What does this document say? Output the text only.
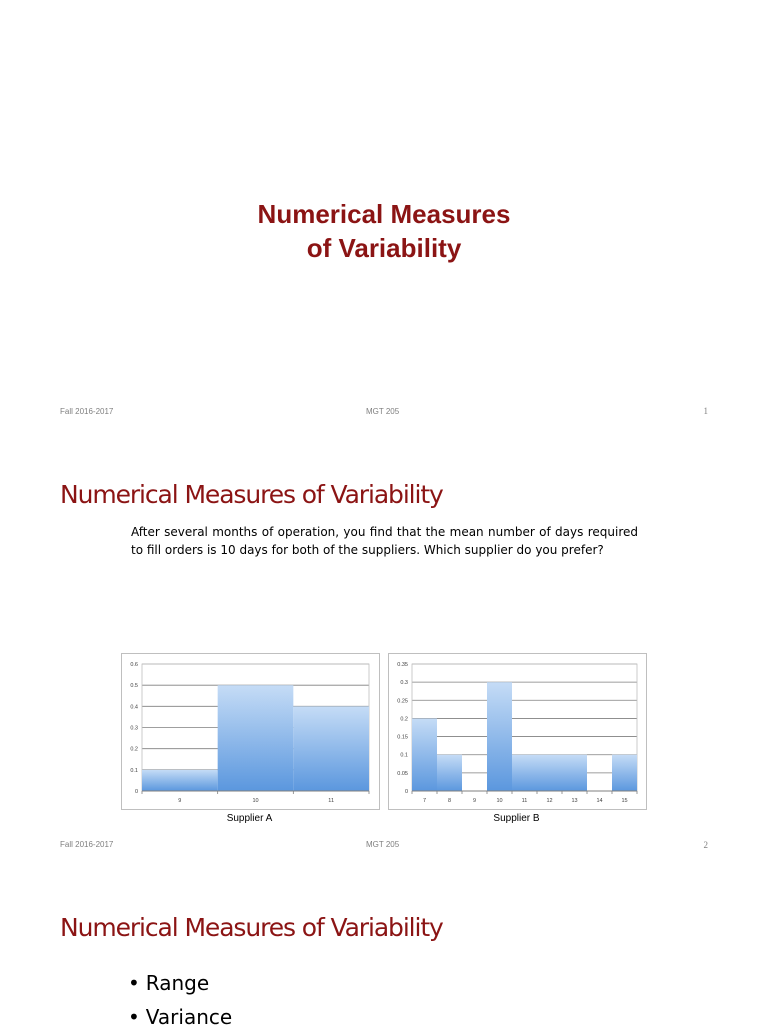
Numerical Measures
of Variability
Fall 2016-2017	MGT 205	1
Numerical Measures of Variability

After several months of operation, you find that the mean number of days required to fill orders is 10 days for both of the suppliers. Which supplier do you prefer?

0
0.1
0.2
0.3
0.4
0.5
0.6
9	10	11
Supplier A
0
0.05
0.1
0.15
0.2
0.25
0.3
0.35
7	8	9	10	11	12	13	14	15
Supplier B
Fall 2016-2017	MGT 205	2
Numerical Measures of Variability
• Range
• Variance
